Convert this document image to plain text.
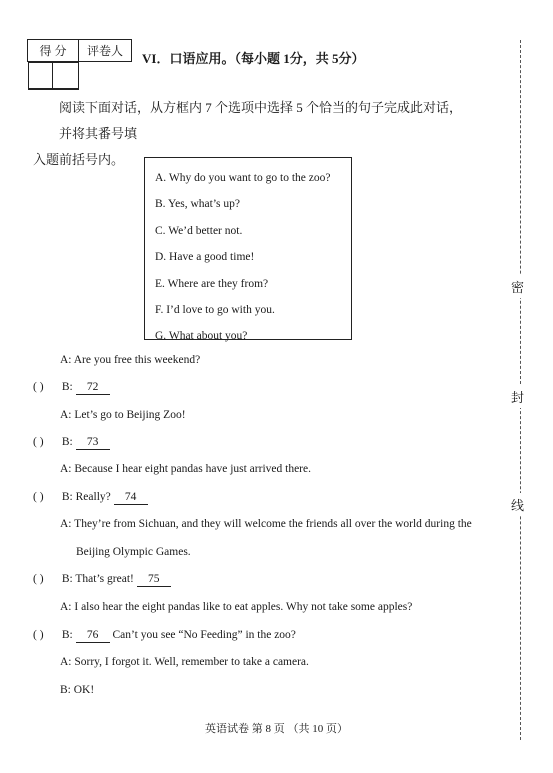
得 分	评卷人
	VI．口语应用。（每小题 1分，共 5分）
阅读下面对话，从方框内 7 个选项中选择 5 个恰当的句子完成此对话，并将其番号填
入题前括号内。
A. Why do you want to go to the zoo?
B. Yes, what’s up?
C. We’d better not.
D. Have a good time!
E. Where are they from?
F. I’d love to go with you.
G. What about you?
A: Are you free this weekend?
( ) B: 72
A: Let’s go to Beijing Zoo!
( ) B: 73
A: Because I hear eight pandas have just arrived there.
( ) B: Really? 74
A: They’re from Sichuan, and they will welcome the friends all over the world during the
Beijing Olympic Games.
( ) B: That’s great! 75
A: I also hear the eight pandas like to eat apples. Why not take some apples?
( ) B: 76 Can’t you see “No Feeding” in the zoo?
A: Sorry, I forgot it. Well, remember to take a camera.
B: OK!
密
封
线
英语试卷 第 8 页 （共 10 页）
